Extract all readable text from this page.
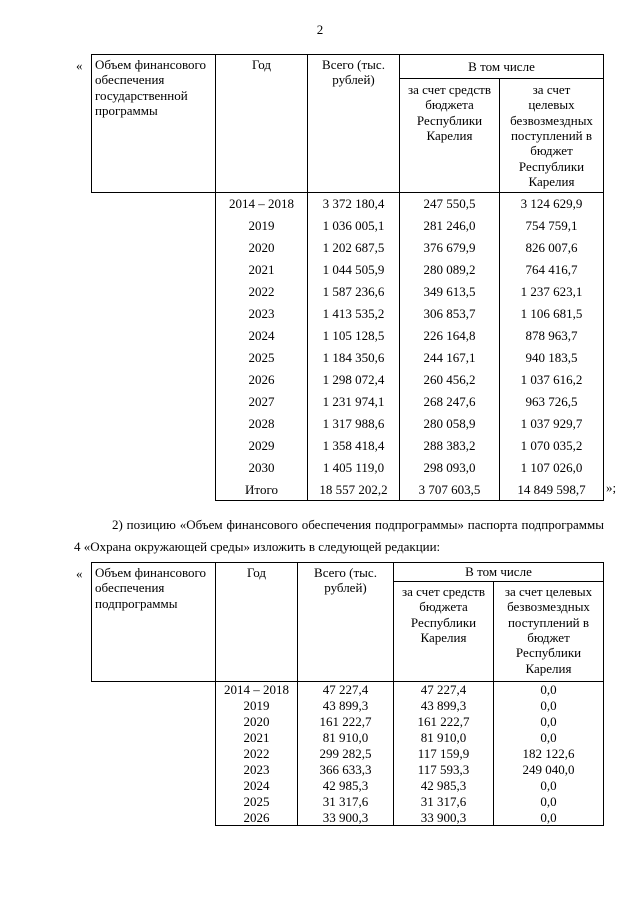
2
« Объем финансового обеспечения государственной программы	Год	Всего (тыс. рублей)	В том числе	
			за счет средств бюджета Республики Карелия	за счет целевых безвозмездных поступлений в бюджет Республики Карелия
	2014 – 2018	3 372 180,4	247 550,5	3 124 629,9
	2019	1 036 005,1	281 246,0	754 759,1
	2020	1 202 687,5	376 679,9	826 007,6
	2021	1 044 505,9	280 089,2	764 416,7
	2022	1 587 236,6	349 613,5	1 237 623,1
	2023	1 413 535,2	306 853,7	1 106 681,5
	2024	1 105 128,5	226 164,8	878 963,7
	2025	1 184 350,6	244 167,1	940 183,5
	2026	1 298 072,4	260 456,2	1 037 616,2
	2027	1 231 974,1	268 247,6	963 726,5
	2028	1 317 988,6	280 058,9	1 037 929,7
	2029	1 358 418,4	288 383,2	1 070 035,2
	2030	1 405 119,0	298 093,0	1 107 026,0
	Итого	18 557 202,2	3 707 603,5	14 849 598,7 »;
2) позицию «Объем финансового обеспечения подпрограммы» паспорта подпрограммы 4 «Охрана окружающей среды» изложить в следующей редакции:
« Объем финансового обеспечения подпрограммы	Год	Всего (тыс. рублей)	В том числе	
			за счет средств бюджета Республики Карелия	за счет целевых безвозмездных поступлений в бюджет Республики Карелия
	2014 – 2018	47 227,4	47 227,4	0,0
	2019	43 899,3	43 899,3	0,0
	2020	161 222,7	161 222,7	0,0
	2021	81 910,0	81 910,0	0,0
	2022	299 282,5	117 159,9	182 122,6
	2023	366 633,3	117 593,3	249 040,0
	2024	42 985,3	42 985,3	0,0
	2025	31 317,6	31 317,6	0,0
	2026	33 900,3	33 900,3	0,0
